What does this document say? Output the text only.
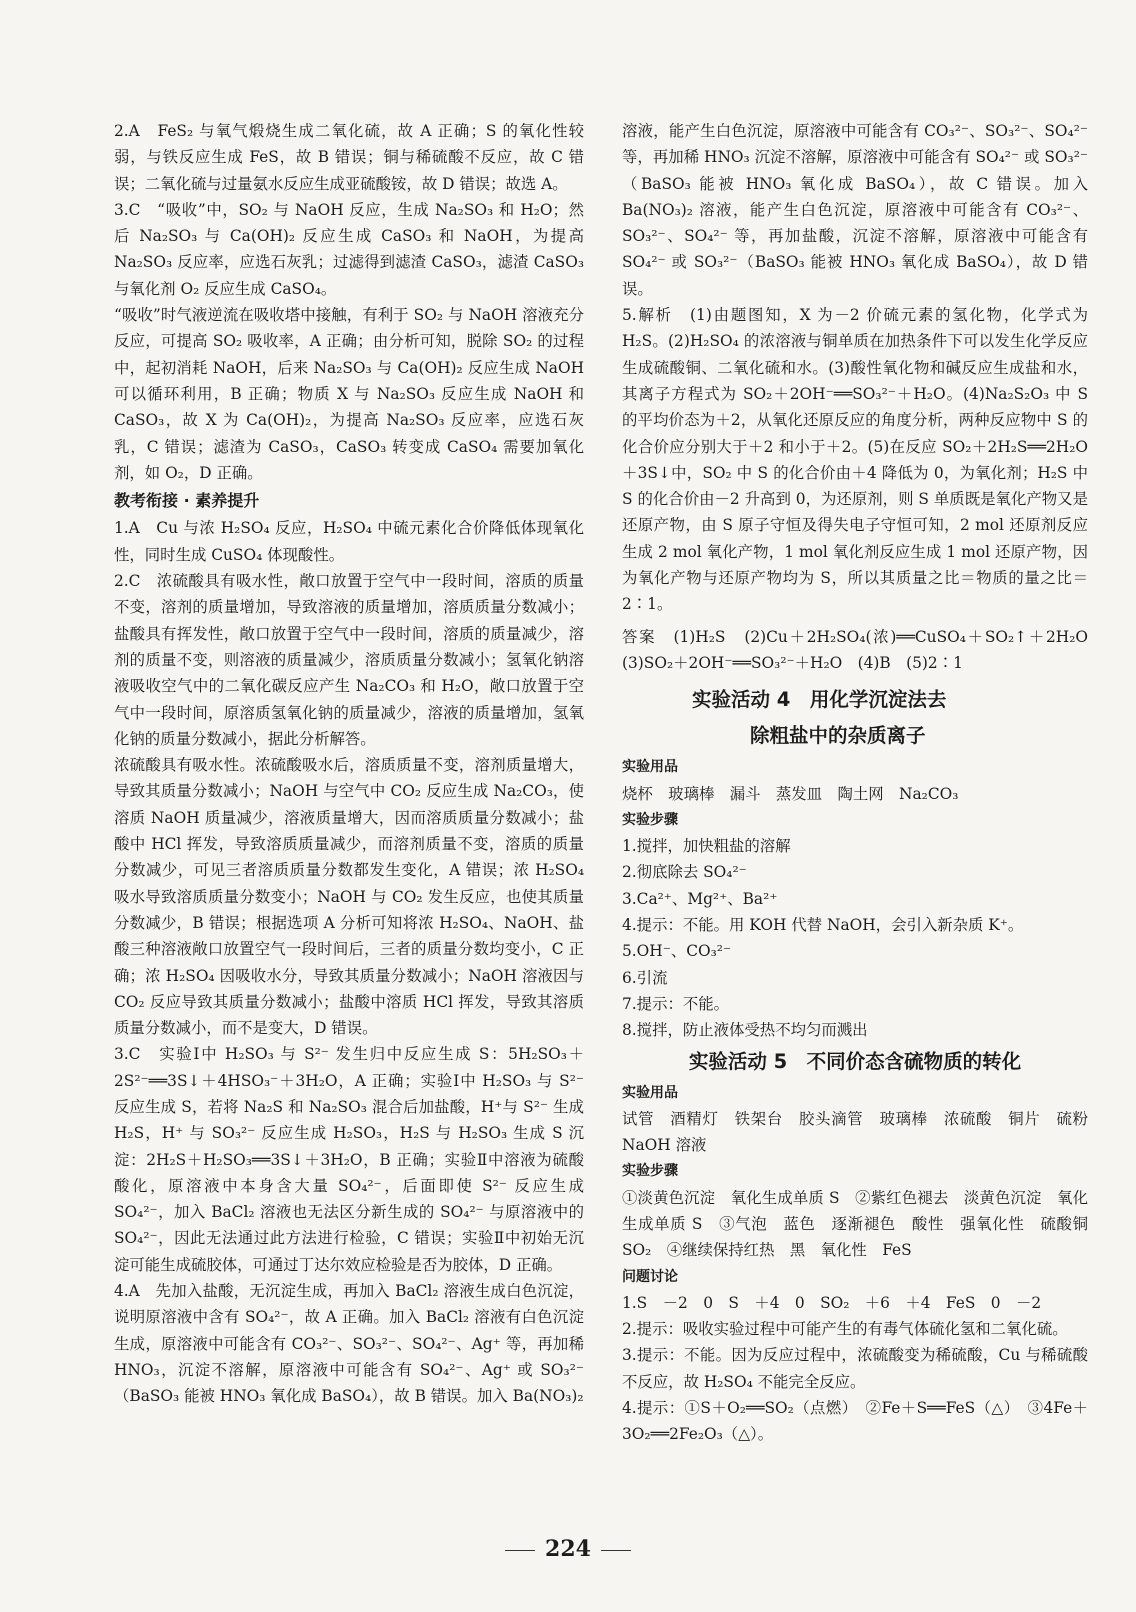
2.A　FeS₂ 与氧气煅烧生成二氧化硫，故 A 正确；S 的氧化性较弱，与铁反应生成 FeS，故 B 错误；铜与稀硫酸不反应，故 C 错误；二氧化硫与过量氨水反应生成亚硫酸铵，故 D 错误；故选 A。

3.C　“吸收”中，SO₂ 与 NaOH 反应，生成 Na₂SO₃ 和 H₂O；然后 Na₂SO₃ 与 Ca(OH)₂ 反应生成 CaSO₃ 和 NaOH，为提高 Na₂SO₃ 反应率，应选石灰乳；过滤得到滤渣 CaSO₃，滤渣 CaSO₃ 与氧化剂 O₂ 反应生成 CaSO₄。

“吸收”时气液逆流在吸收塔中接触，有利于 SO₂ 与 NaOH 溶液充分反应，可提高 SO₂ 吸收率，A 正确；由分析可知，脱除 SO₂ 的过程中，起初消耗 NaOH，后来 Na₂SO₃ 与 Ca(OH)₂ 反应生成 NaOH 可以循环利用，B 正确；物质 X 与 Na₂SO₃ 反应生成 NaOH 和 CaSO₃，故 X 为 Ca(OH)₂，为提高 Na₂SO₃ 反应率，应选石灰乳，C 错误；滤渣为 CaSO₃，CaSO₃ 转变成 CaSO₄ 需要加氧化剂，如 O₂，D 正确。

教考衔接 · 素养提升

1.A　Cu 与浓 H₂SO₄ 反应，H₂SO₄ 中硫元素化合价降低体现氧化性，同时生成 CuSO₄ 体现酸性。

2.C　浓硫酸具有吸水性，敞口放置于空气中一段时间，溶质的质量不变，溶剂的质量增加，导致溶液的质量增加，溶质质量分数减小；盐酸具有挥发性，敞口放置于空气中一段时间，溶质的质量减少，溶剂的质量不变，则溶液的质量减少，溶质质量分数减小；氢氧化钠溶液吸收空气中的二氧化碳反应产生 Na₂CO₃ 和 H₂O，敞口放置于空气中一段时间，原溶质氢氧化钠的质量减少，溶液的质量增加，氢氧化钠的质量分数减小，据此分析解答。

浓硫酸具有吸水性。浓硫酸吸水后，溶质质量不变，溶剂质量增大，导致其质量分数减小；NaOH 与空气中 CO₂ 反应生成 Na₂CO₃，使溶质 NaOH 质量减少，溶液质量增大，因而溶质质量分数减小；盐酸中 HCl 挥发，导致溶质质量减少，而溶剂质量不变，溶质的质量分数减少，可见三者溶质质量分数都发生变化，A 错误；浓 H₂SO₄ 吸水导致溶质质量分数变小；NaOH 与 CO₂ 发生反应，也使其质量分数减少，B 错误；根据选项 A 分析可知将浓 H₂SO₄、NaOH、盐酸三种溶液敞口放置空气一段时间后，三者的质量分数均变小，C 正确；浓 H₂SO₄ 因吸收水分，导致其质量分数减小；NaOH 溶液因与 CO₂ 反应导致其质量分数减小；盐酸中溶质 HCl 挥发，导致其溶质质量分数减小，而不是变大，D 错误。

3.C　实验Ⅰ中 H₂SO₃ 与 S²⁻ 发生归中反应生成 S：5H₂SO₃＋2S²⁻══3S↓＋4HSO₃⁻＋3H₂O，A 正确；实验Ⅰ中 H₂SO₃ 与 S²⁻ 反应生成 S，若将 Na₂S 和 Na₂SO₃ 混合后加盐酸，H⁺与 S²⁻ 生成 H₂S，H⁺ 与 SO₃²⁻ 反应生成 H₂SO₃，H₂S 与 H₂SO₃ 生成 S 沉淀：2H₂S＋H₂SO₃══3S↓＋3H₂O，B 正确；实验Ⅱ中溶液为硫酸酸化，原溶液中本身含大量 SO₄²⁻，后面即使 S²⁻ 反应生成 SO₄²⁻，加入 BaCl₂ 溶液也无法区分新生成的 SO₄²⁻ 与原溶液中的 SO₄²⁻，因此无法通过此方法进行检验，C 错误；实验Ⅱ中初始无沉淀可能生成硫胶体，可通过丁达尔效应检验是否为胶体，D 正确。

4.A　先加入盐酸，无沉淀生成，再加入 BaCl₂ 溶液生成白色沉淀，说明原溶液中含有 SO₄²⁻，故 A 正确。加入 BaCl₂ 溶液有白色沉淀生成，原溶液中可能含有 CO₃²⁻、SO₃²⁻、SO₄²⁻、Ag⁺ 等，再加稀 HNO₃，沉淀不溶解，原溶液中可能含有 SO₄²⁻、Ag⁺ 或 SO₃²⁻（BaSO₃ 能被 HNO₃ 氧化成 BaSO₄），故 B 错误。加入 Ba(NO₃)₂

溶液，能产生白色沉淀，原溶液中可能含有 CO₃²⁻、SO₃²⁻、SO₄²⁻ 等，再加稀 HNO₃ 沉淀不溶解，原溶液中可能含有 SO₄²⁻ 或 SO₃²⁻（BaSO₃ 能被 HNO₃ 氧化成 BaSO₄），故 C 错误。加入 Ba(NO₃)₂ 溶液，能产生白色沉淀，原溶液中可能含有 CO₃²⁻、SO₃²⁻、SO₄²⁻ 等，再加盐酸，沉淀不溶解，原溶液中可能含有 SO₄²⁻ 或 SO₃²⁻（BaSO₃ 能被 HNO₃ 氧化成 BaSO₄），故 D 错误。

5.解析　(1)由题图知，X 为－2 价硫元素的氢化物，化学式为 H₂S。(2)H₂SO₄ 的浓溶液与铜单质在加热条件下可以发生化学反应生成硫酸铜、二氧化硫和水。(3)酸性氧化物和碱反应生成盐和水，其离子方程式为 SO₂＋2OH⁻══SO₃²⁻＋H₂O。(4)Na₂S₂O₃ 中 S 的平均价态为＋2，从氧化还原反应的角度分析，两种反应物中 S 的化合价应分别大于＋2 和小于＋2。(5)在反应 SO₂＋2H₂S══2H₂O＋3S↓中，SO₂ 中 S 的化合价由＋4 降低为 0，为氧化剂；H₂S 中 S 的化合价由－2 升高到 0，为还原剂，则 S 单质既是氧化产物又是还原产物，由 S 原子守恒及得失电子守恒可知，2 mol 还原剂反应生成 2 mol 氧化产物，1 mol 氧化剂反应生成 1 mol 还原产物，因为氧化产物与还原产物均为 S，所以其质量之比＝物质的量之比＝2∶1。

答案　(1)H₂S　(2)Cu＋2H₂SO₄(浓)══CuSO₄＋SO₂↑＋2H₂O　(3)SO₂＋2OH⁻══SO₃²⁻＋H₂O　(4)B　(5)2∶1

实验活动 4　用化学沉淀法去
除粗盐中的杂质离子
实验用品

烧杯　玻璃棒　漏斗　蒸发皿　陶土网　Na₂CO₃

实验步骤

1.搅拌，加快粗盐的溶解

2.彻底除去 SO₄²⁻

3.Ca²⁺、Mg²⁺、Ba²⁺

4.提示：不能。用 KOH 代替 NaOH，会引入新杂质 K⁺。

5.OH⁻、CO₃²⁻

6.引流

7.提示：不能。

8.搅拌，防止液体受热不均匀而溅出

实验活动 5　不同价态含硫物质的转化
实验用品

试管　酒精灯　铁架台　胶头滴管　玻璃棒　浓硫酸　铜片　硫粉　NaOH 溶液

实验步骤

①淡黄色沉淀　氧化生成单质 S　②紫红色褪去　淡黄色沉淀　氧化生成单质 S　③气泡　蓝色　逐渐褪色　酸性　强氧化性　硫酸铜　SO₂　④继续保持红热　黑　氧化性　FeS

问题讨论

1.S　－2　0　S　＋4　0　SO₂　＋6　＋4　FeS　0　－2

2.提示：吸收实验过程中可能产生的有毒气体硫化氢和二氧化硫。

3.提示：不能。因为反应过程中，浓硫酸变为稀硫酸，Cu 与稀硫酸不反应，故 H₂SO₄ 不能完全反应。

4.提示：①S＋O₂══SO₂（点燃）　②Fe＋S══FeS（△）　③4Fe＋3O₂══2Fe₂O₃（△）。

224
